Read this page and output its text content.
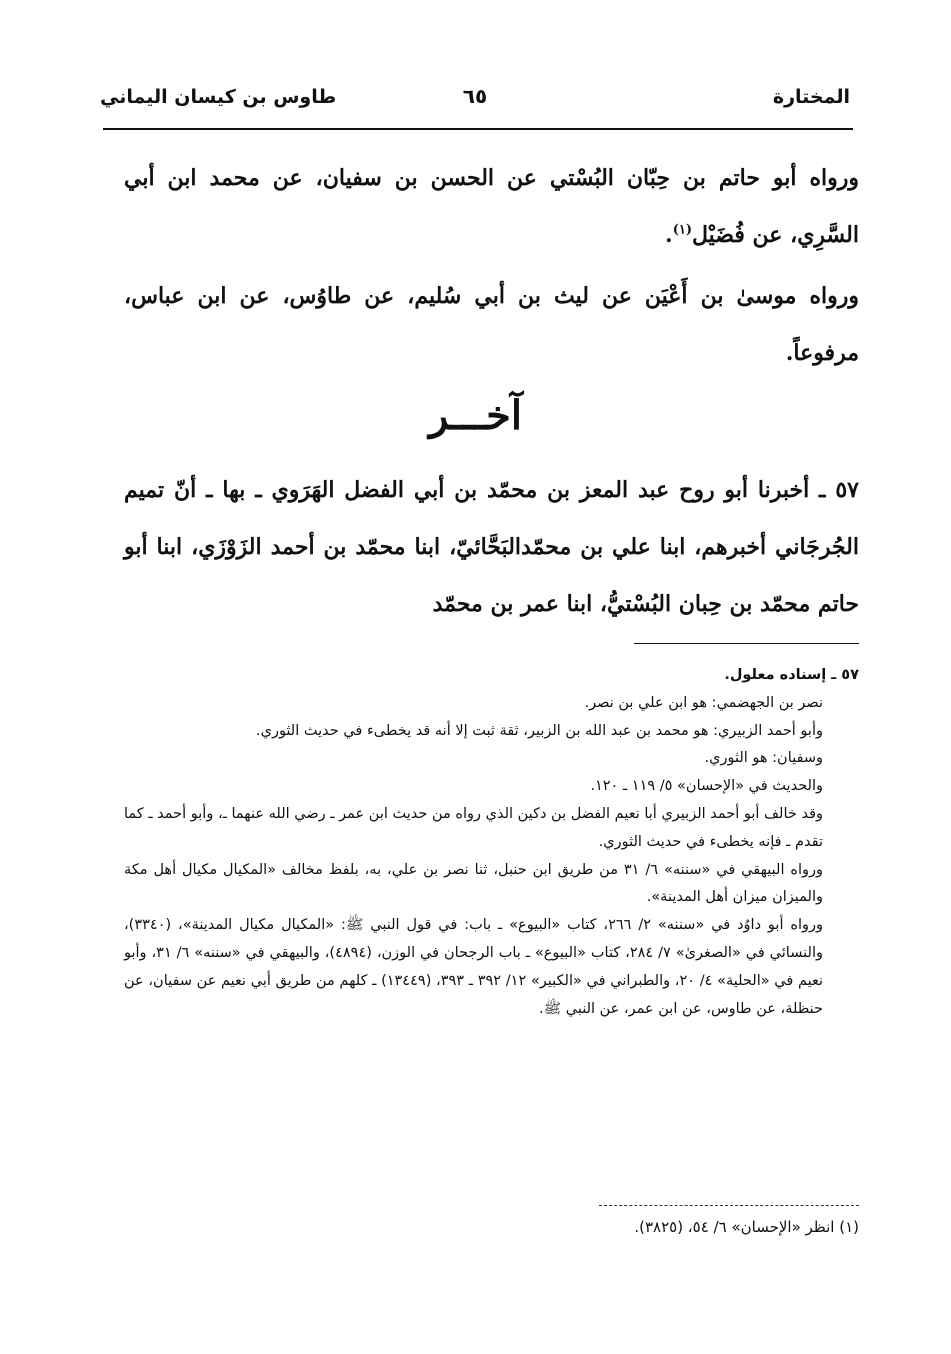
المختارة
٦٥
طاوس بن كيسان اليماني

ورواه أبو حاتم بن حِبّان البُسْتي عن الحسن بن سفيان، عن محمد ابن أبي السَّرِي، عن فُضَيْل$^{(١)}$.

ورواه موسىٰ بن أَعْيَن عن ليث بن أبي سُليم، عن طاوُس، عن ابن عباس، مرفوعاً.

آخـــر

٥٧ ـ أخبرنا أبو روح عبد المعز بن محمّد بن أبي الفضل الهَرَوي ـ بها ـ أنّ تميم الجُرجَاني أخبرهم، ابنا علي بن محمّدالبَحَّائيّ، ابنا محمّد بن أحمد الزَوْزَي، ابنا أبو حاتم محمّد بن حِبان البُسْتيُّ، ابنا عمر بن محمّد

٥٧ ـ إسناده معلول.

نصر بن الجهضمي: هو ابن علي بن نصر.

وأبو أحمد الزبيري: هو محمد بن عبد الله بن الزبير، ثقة ثبت إلا أنه قد يخطىء في حديث الثوري.

وسفيان: هو الثوري.

والحديث في «الإحسان» ٥/ ١١٩ ـ ١٢٠.

وقد خالف أبو أحمد الزبيري أبا نعيم الفضل بن دكين الذي رواه من حديث ابن عمر ـ رضي الله عنهما ـ، وأبو أحمد ـ كما تقدم ـ فإنه يخطىء في حديث الثوري.

ورواه البيهقي في «سننه» ٦/ ٣١ من طريق ابن حنبل، ثنا نصر بن علي، به، بلفظ مخالف «المكيال مكيال أهل مكة والميزان ميزان أهل المدينة».

ورواه أبو داوُد في «سننه» ٢/ ٢٦٦، كتاب «البيوع» ـ باب: في قول النبي ﷺ: «المكيال مكيال المدينة»، (٣٣٤٠)، والنسائي في «الصغرىٰ» ٧/ ٢٨٤، كتاب «البيوع» ـ باب الرجحان في الوزن، (٤٨٩٤)، والبيهقي في «سننه» ٦/ ٣١، وأبو نعيم في «الحلية» ٤/ ٢٠، والطبراني في «الكبير» ١٢/ ٣٩٢ ـ ٣٩٣، (١٣٤٤٩) ـ كلهم من طريق أبي نعيم عن سفيان، عن حنظلة، عن طاوس، عن ابن عمر، عن النبي ﷺ.

(١) انظر «الإحسان» ٦/ ٥٤، (٣٨٢٥).
